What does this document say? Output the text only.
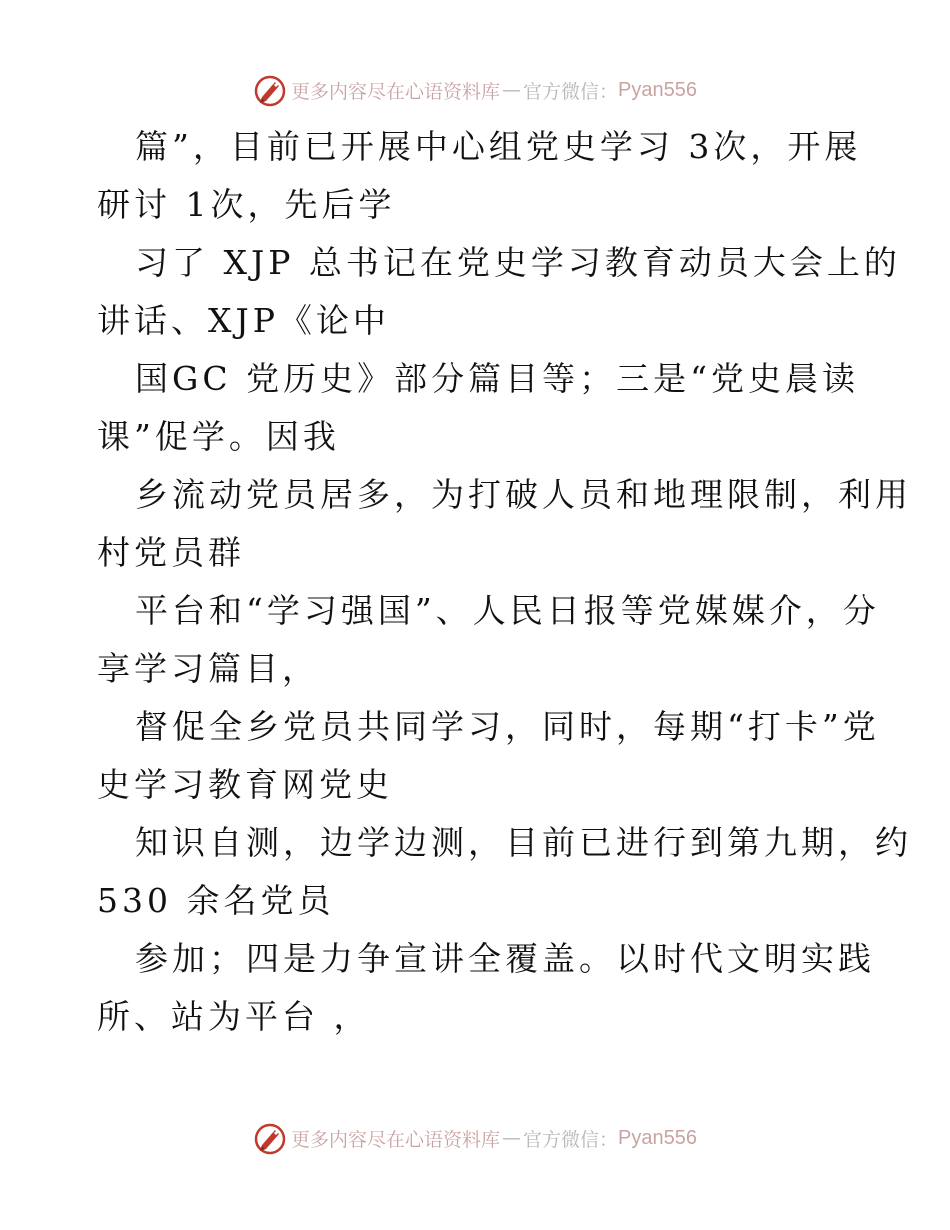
更多内容尽在心语资料库 — 官方微信： Pyan556
篇”，目前已开展中心组党史学习 3次，开展
研讨 1次，先后学
习了 XJP 总书记在党史学习教育动员大会上的
讲话、XJP《论中
国GC 党历史》部分篇目等；三是“党史晨读
课”促学。因我
乡流动党员居多，为打破人员和地理限制，利用
村党员群
平台和“学习强国”、人民日报等党媒媒介，分
享学习篇目，
督促全乡党员共同学习，同时，每期“打卡”党
史学习教育网党史
知识自测，边学边测，目前已进行到第九期，约
530 余名党员
参加；四是力争宣讲全覆盖。以时代文明实践
所、站为平台 ，
更多内容尽在心语资料库 — 官方微信： Pyan556
